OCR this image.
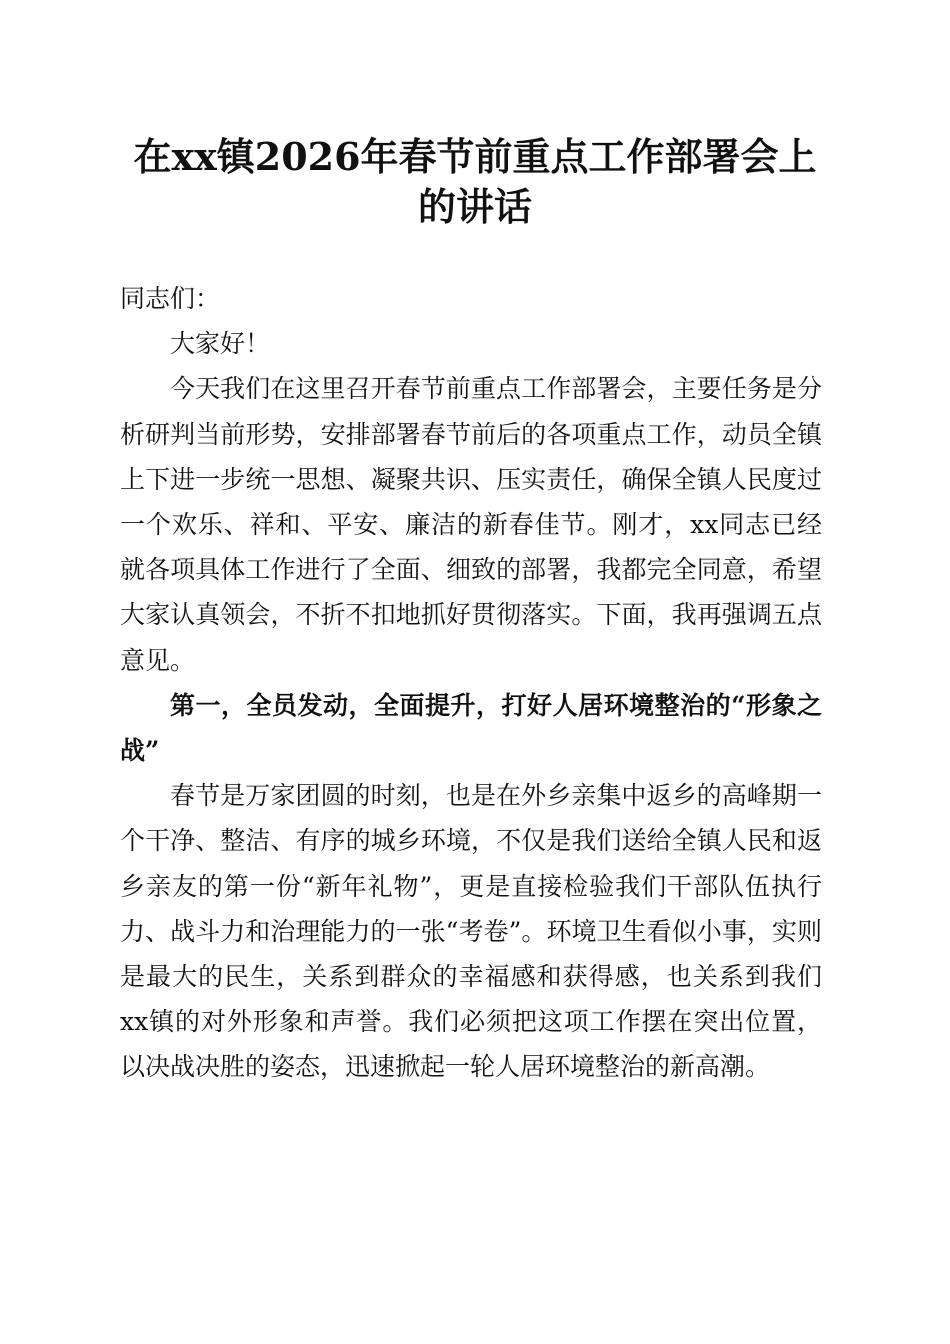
在xx镇2026年春节前重点工作部署会上的讲话

同志们：

大家好！

今天我们在这里召开春节前重点工作部署会，主要任务是分析研判当前形势，安排部署春节前后的各项重点工作，动员全镇上下进一步统一思想、凝聚共识、压实责任，确保全镇人民度过一个欢乐、祥和、平安、廉洁的新春佳节。刚才，xx同志已经就各项具体工作进行了全面、细致的部署，我都完全同意，希望大家认真领会，不折不扣地抓好贯彻落实。下面，我再强调五点意见。

第一，全员发动，全面提升，打好人居环境整治的“形象之战”

春节是万家团圆的时刻，也是在外乡亲集中返乡的高峰期一个干净、整洁、有序的城乡环境，不仅是我们送给全镇人民和返乡亲友的第一份“新年礼物”，更是直接检验我们干部队伍执行力、战斗力和治理能力的一张“考卷”。环境卫生看似小事，实则是最大的民生，关系到群众的幸福感和获得感，也关系到我们xx镇的对外形象和声誉。我们必须把这项工作摆在突出位置，以决战决胜的姿态，迅速掀起一轮人居环境整治的新高潮。
